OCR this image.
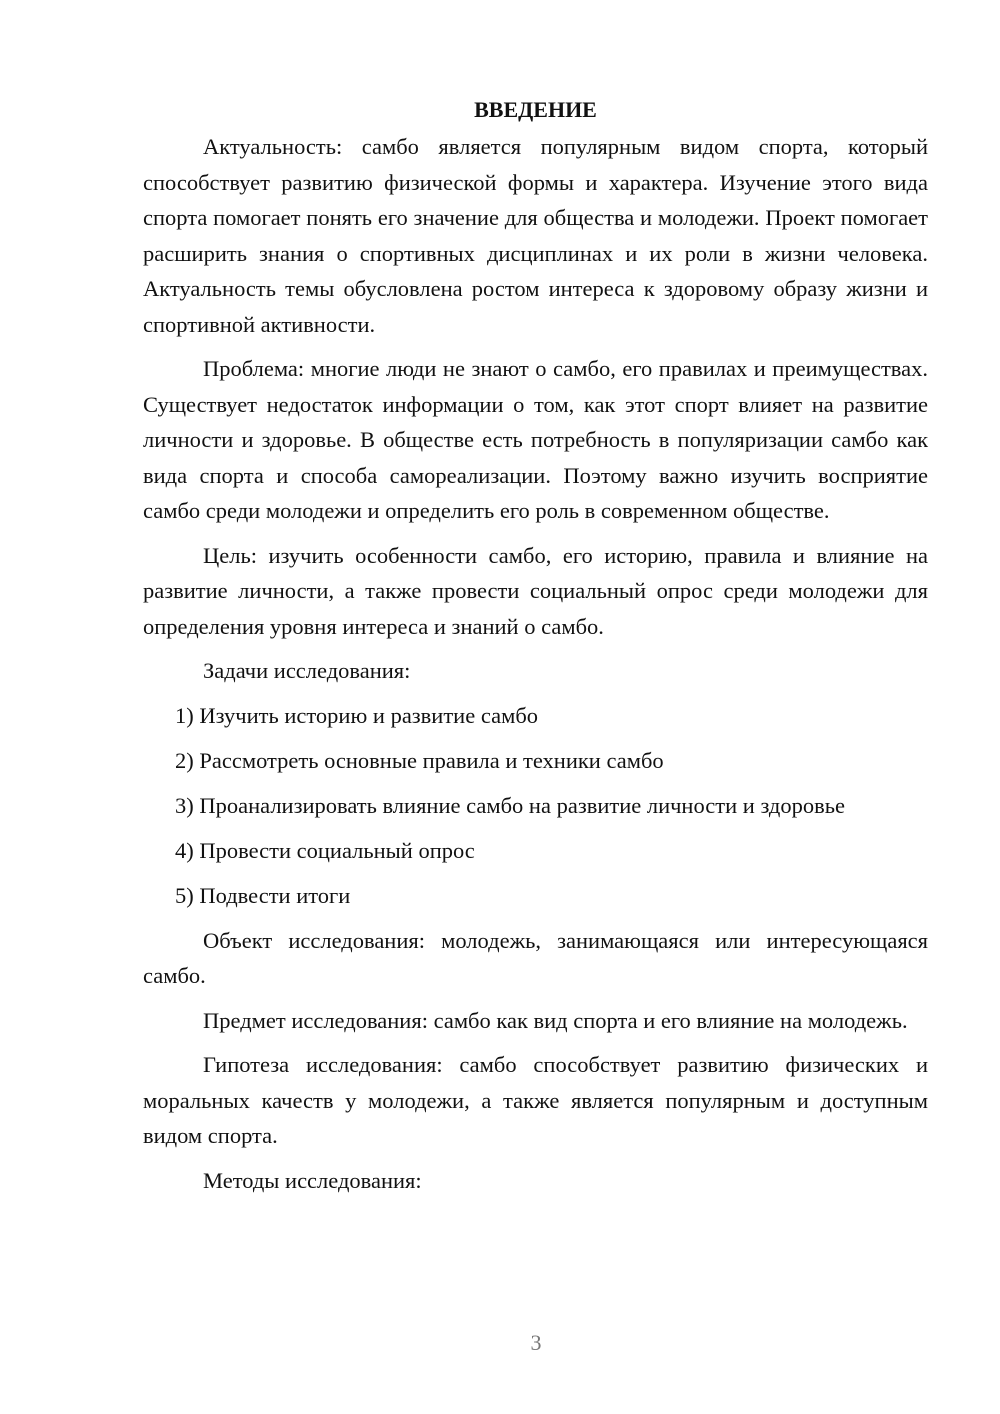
ВВЕДЕНИЕ

Актуальность: самбо является популярным видом спорта, который способствует развитию физической формы и характера. Изучение этого вида спорта помогает понять его значение для общества и молодежи. Проект помогает расширить знания о спортивных дисциплинах и их роли в жизни человека. Актуальность темы обусловлена ростом интереса к здоровому образу жизни и спортивной активности.

Проблема: многие люди не знают о самбо, его правилах и преимуществах. Существует недостаток информации о том, как этот спорт влияет на развитие личности и здоровье. В обществе есть потребность в популяризации самбо как вида спорта и способа самореализации. Поэтому важно изучить восприятие самбо среди молодежи и определить его роль в современном обществе.

Цель: изучить особенности самбо, его историю, правила и влияние на развитие личности, а также провести социальный опрос среди молодежи для определения уровня интереса и знаний о самбо.

Задачи исследования:

1) Изучить историю и развитие самбо

2) Рассмотреть основные правила и техники самбо

3) Проанализировать влияние самбо на развитие личности и здоровье

4) Провести социальный опрос

5) Подвести итоги

Объект исследования: молодежь, занимающаяся или интересующаяся самбо.

Предмет исследования: самбо как вид спорта и его влияние на молодежь.

Гипотеза исследования: самбо способствует развитию физических и моральных качеств у молодежи, а также является популярным и доступным видом спорта.

Методы исследования:

3
